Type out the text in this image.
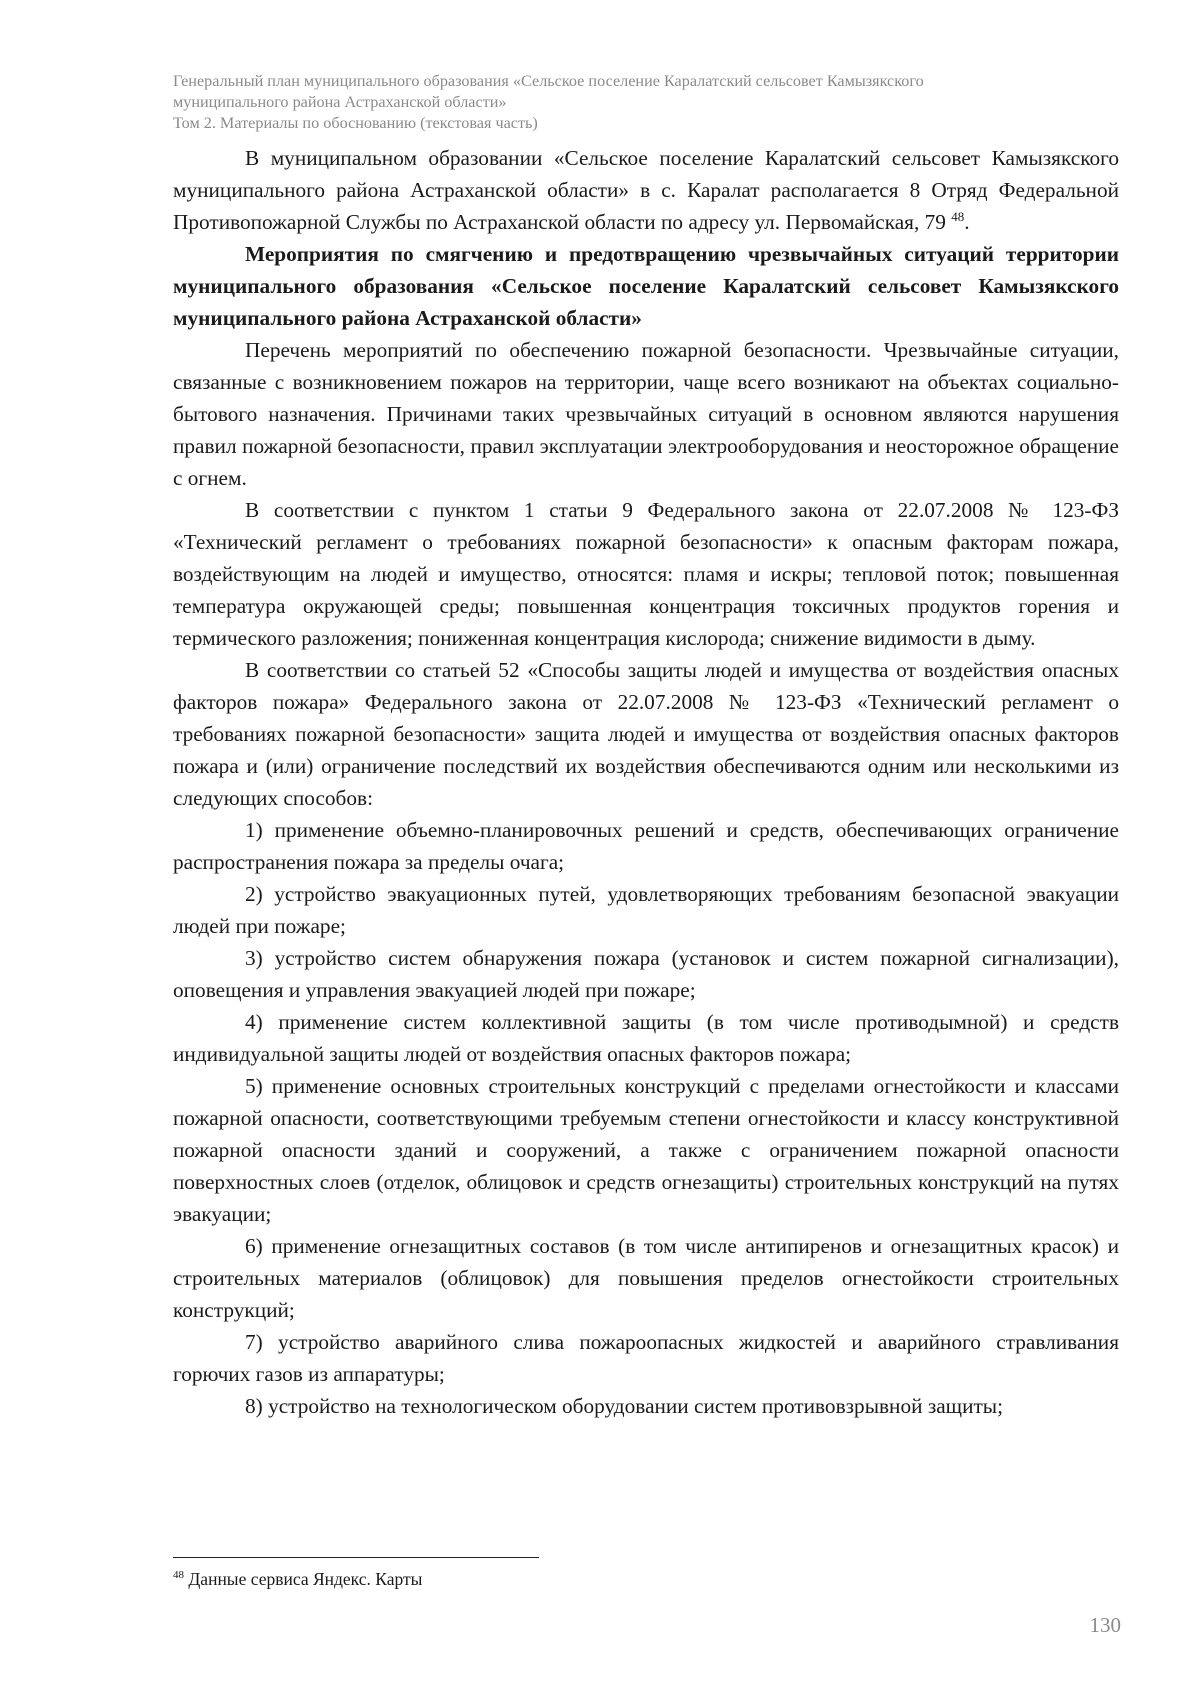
Генеральный план муниципального образования «Сельское поселение Каралатский сельсовет Камызякского
муниципального района Астраханской области»
Том 2. Материалы по обоснованию (текстовая часть)

В муниципальном образовании «Сельское поселение Каралатский сельсовет Камызякского муниципального района Астраханской области» в с. Каралат располагается 8 Отряд Федеральной Противопожарной Службы по Астраханской области по адресу ул. Первомайская, 79 $^{48}$.

Мероприятия по смягчению и предотвращению чрезвычайных ситуаций территории муниципального образования «Сельское поселение Каралатский сельсовет Камызякского муниципального района Астраханской области»

Перечень мероприятий по обеспечению пожарной безопасности. Чрезвычайные ситуации, связанные с возникновением пожаров на территории, чаще всего возникают на объектах социально-бытового назначения. Причинами таких чрезвычайных ситуаций в основном являются нарушения правил пожарной безопасности, правил эксплуатации электрооборудования и неосторожное обращение с огнем.

В соответствии с пунктом 1 статьи 9 Федерального закона от 22.07.2008 № 123-ФЗ «Технический регламент о требованиях пожарной безопасности» к опасным факторам пожара, воздействующим на людей и имущество, относятся: пламя и искры; тепловой поток; повышенная температура окружающей среды; повышенная концентрация токсичных продуктов горения и термического разложения; пониженная концентрация кислорода; снижение видимости в дыму.

В соответствии со статьей 52 «Способы защиты людей и имущества от воздействия опасных факторов пожара» Федерального закона от 22.07.2008 № 123-ФЗ «Технический регламент о требованиях пожарной безопасности» защита людей и имущества от воздействия опасных факторов пожара и (или) ограничение последствий их воздействия обеспечиваются одним или несколькими из следующих способов:

1) применение объемно-планировочных решений и средств, обеспечивающих ограничение распространения пожара за пределы очага;

2) устройство эвакуационных путей, удовлетворяющих требованиям безопасной эвакуации людей при пожаре;

3) устройство систем обнаружения пожара (установок и систем пожарной сигнализации), оповещения и управления эвакуацией людей при пожаре;

4) применение систем коллективной защиты (в том числе противодымной) и средств индивидуальной защиты людей от воздействия опасных факторов пожара;

5) применение основных строительных конструкций с пределами огнестойкости и классами пожарной опасности, соответствующими требуемым степени огнестойкости и классу конструктивной пожарной опасности зданий и сооружений, а также с ограничением пожарной опасности поверхностных слоев (отделок, облицовок и средств огнезащиты) строительных конструкций на путях эвакуации;

6) применение огнезащитных составов (в том числе антипиренов и огнезащитных красок) и строительных материалов (облицовок) для повышения пределов огнестойкости строительных конструкций;

7) устройство аварийного слива пожароопасных жидкостей и аварийного стравливания горючих газов из аппаратуры;

8) устройство на технологическом оборудовании систем противовзрывной защиты;

$^{48}$ Данные сервиса Яндекс. Карты
130
